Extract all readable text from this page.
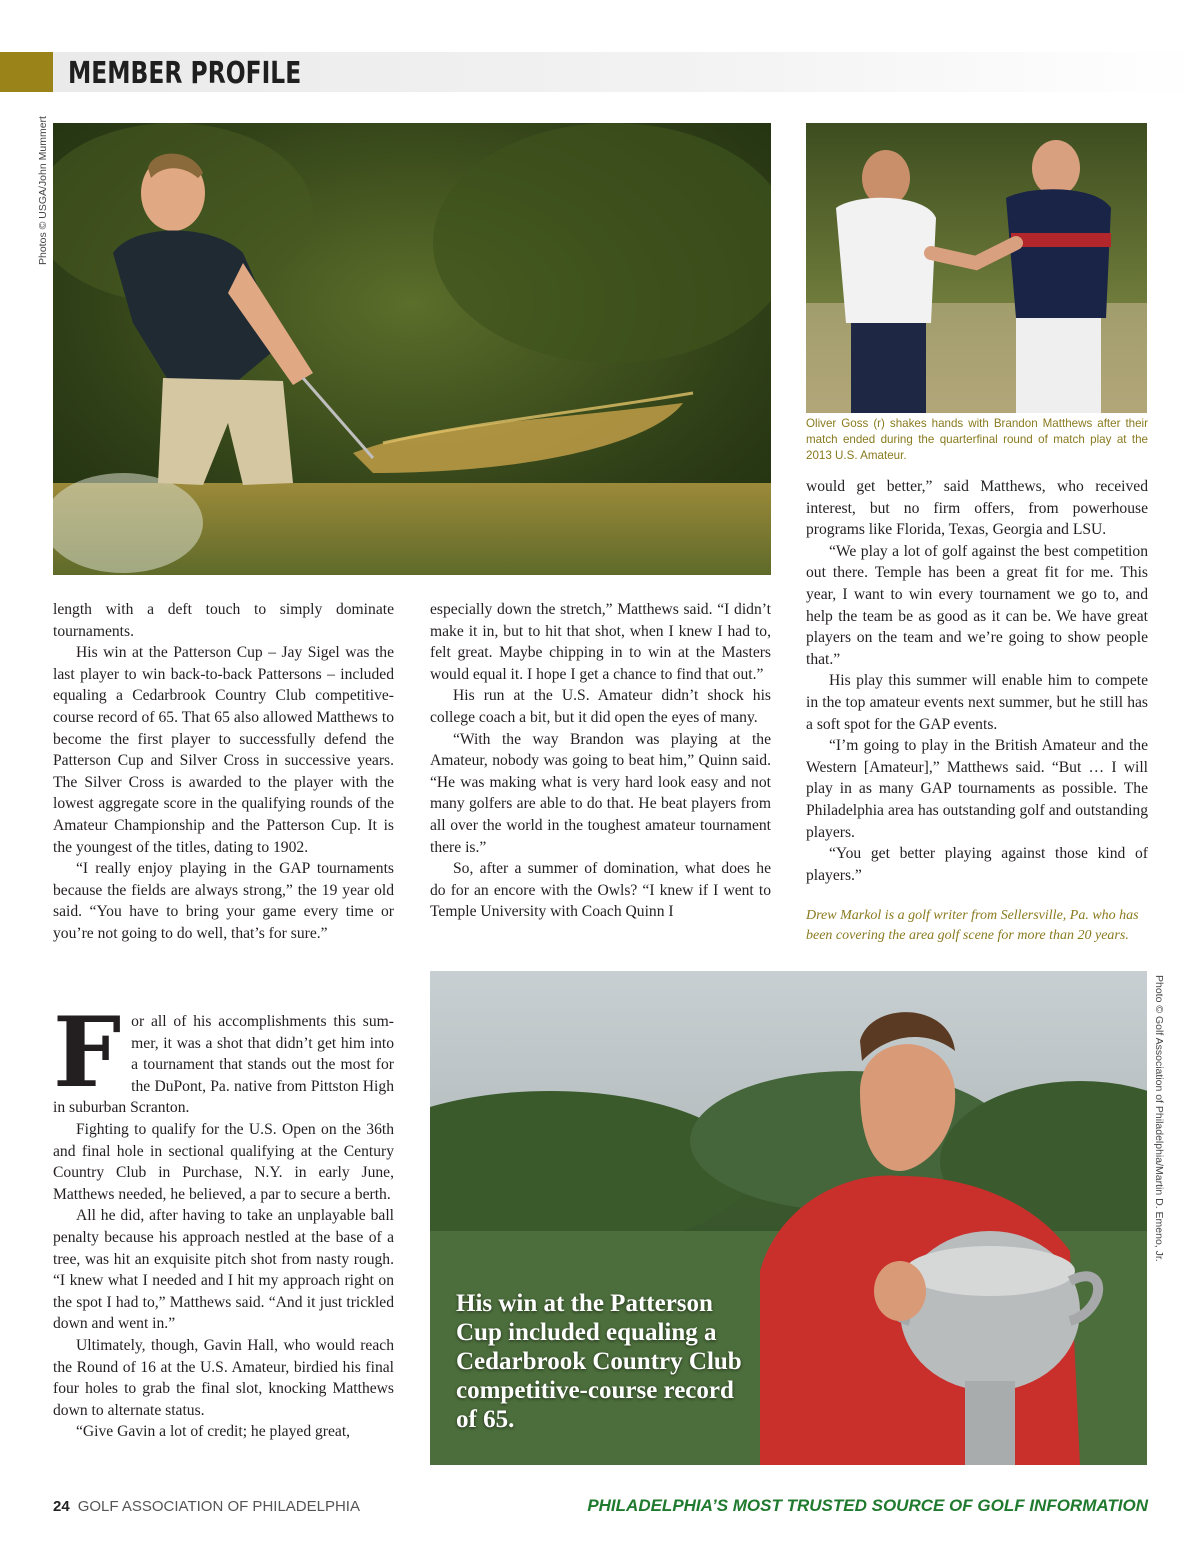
MEMBER PROFILE
Photos © USGA/John Mummert
Photo © Golf Association of Philadelphia/Martin D. Emeno, Jr.
Oliver Goss (r) shakes hands with Brandon Matthews after their match ended during the quarterfinal round of match play at the 2013 U.S. Amateur.

length with a deft touch to simply dominate tournaments.

His win at the Patterson Cup – Jay Sigel was the last player to win back-to-back Pattersons – included equaling a Cedarbrook Country Club competitive-course record of 65. That 65 also allowed Matthews to become the first player to successfully defend the Patterson Cup and Silver Cross in successive years. The Silver Cross is awarded to the player with the lowest aggregate score in the qualifying rounds of the Amateur Championship and the Patterson Cup. It is the youngest of the titles, dating to 1902.

“I really enjoy playing in the GAP tournaments because the fields are always strong,” the 19 year old said. “You have to bring your game every time or you’re not going to do well, that’s for sure.”

For all of his accomplishments this summer, it was a shot that didn’t get him into a tournament that stands out the most for the DuPont, Pa. native from Pittston High in suburban Scranton.

Fighting to qualify for the U.S. Open on the 36th and final hole in sectional qualifying at the Century Country Club in Purchase, N.Y. in early June, Matthews needed, he believed, a par to secure a berth.

All he did, after having to take an unplayable ball penalty because his approach nestled at the base of a tree, was hit an exquisite pitch shot from nasty rough. “I knew what I needed and I hit my approach right on the spot I had to,” Matthews said. “And it just trickled down and went in.”

Ultimately, though, Gavin Hall, who would reach the Round of 16 at the U.S. Amateur, birdied his final four holes to grab the final slot, knocking Matthews down to alternate status.

“Give Gavin a lot of credit; he played great,

especially down the stretch,” Matthews said. “I didn’t make it in, but to hit that shot, when I knew I had to, felt great. Maybe chipping in to win at the Masters would equal it. I hope I get a chance to find that out.”

His run at the U.S. Amateur didn’t shock his college coach a bit, but it did open the eyes of many.

“With the way Brandon was playing at the Amateur, nobody was going to beat him,” Quinn said. “He was making what is very hard look easy and not many golfers are able to do that. He beat players from all over the world in the toughest amateur tournament there is.”

So, after a summer of domination, what does he do for an encore with the Owls? “I knew if I went to Temple University with Coach Quinn I

would get better,” said Matthews, who received interest, but no firm offers, from powerhouse programs like Florida, Texas, Georgia and LSU.

“We play a lot of golf against the best competition out there. Temple has been a great fit for me. This year, I want to win every tournament we go to, and help the team be as good as it can be. We have great players on the team and we’re going to show people that.”

His play this summer will enable him to compete in the top amateur events next summer, but he still has a soft spot for the GAP events.

“I’m going to play in the British Amateur and the Western [Amateur],” Matthews said. “But … I will play in as many GAP tournaments as possible. The Philadelphia area has outstanding golf and outstanding players.

“You get better playing against those kind of players.”

Drew Markol is a golf writer from Sellersville, Pa. who has been covering the area golf scene for more than 20 years.
His win at the Patterson Cup included equaling a Cedarbrook Country Club competitive-course record of 65.
24 GOLF ASSOCIATION OF PHILADELPHIA	PHILADELPHIA’S MOST TRUSTED SOURCE OF GOLF INFORMATION
